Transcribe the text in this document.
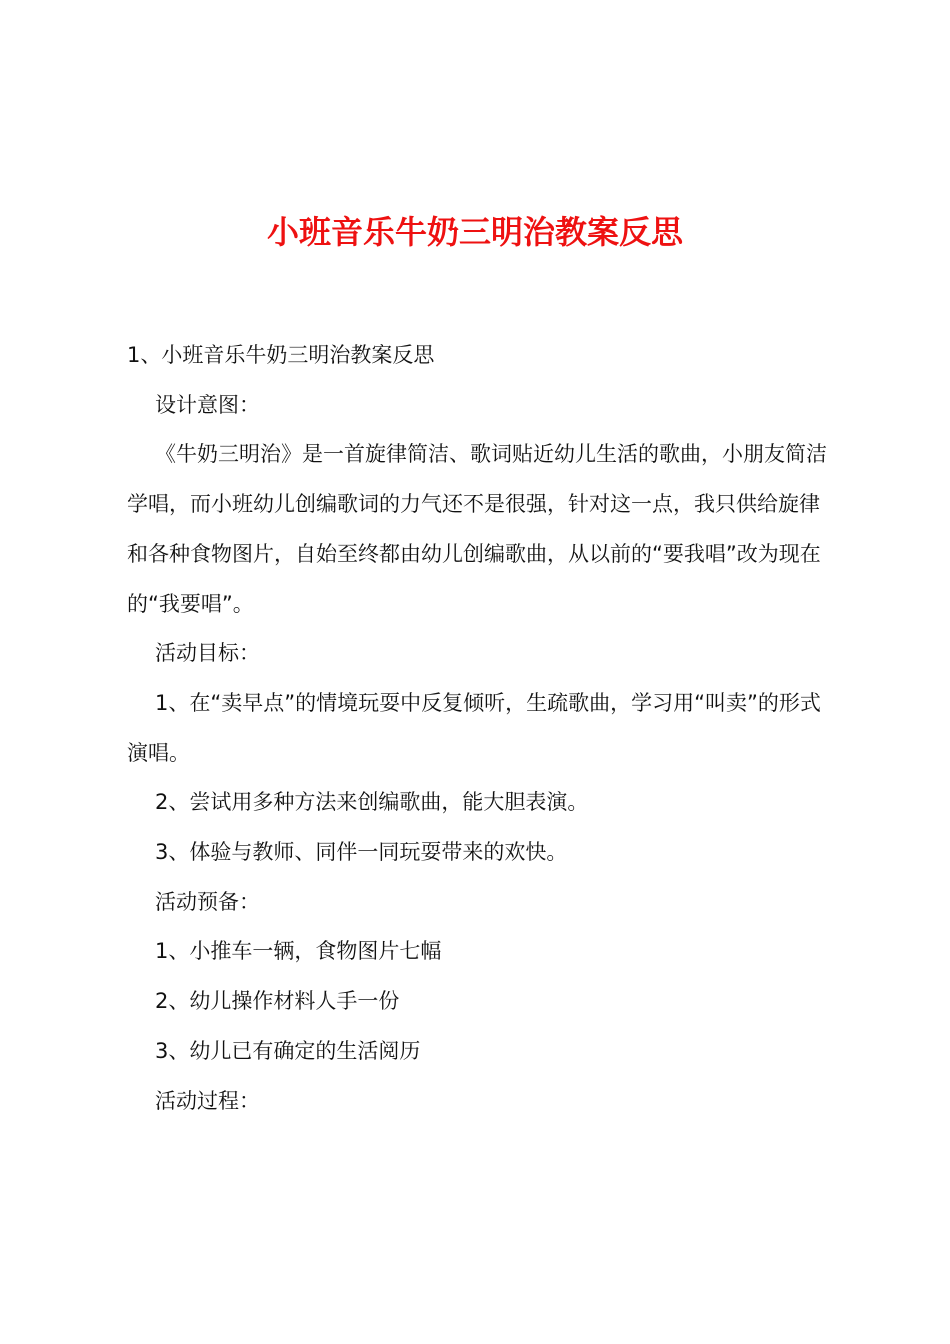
小班音乐牛奶三明治教案反思

1、小班音乐牛奶三明治教案反思

设计意图：

《牛奶三明治》是一首旋律简洁、歌词贴近幼儿生活的歌曲，小朋友简洁学唱，而小班幼儿创编歌词的力气还不是很强，针对这一点，我只供给旋律和各种食物图片，自始至终都由幼儿创编歌曲，从以前的“要我唱”改为现在的“我要唱”。

活动目标：

1、在“卖早点”的情境玩耍中反复倾听，生疏歌曲，学习用“叫卖”的形式演唱。

2、尝试用多种方法来创编歌曲，能大胆表演。

3、体验与教师、同伴一同玩耍带来的欢快。

活动预备：

1、小推车一辆，食物图片七幅

2、幼儿操作材料人手一份

3、幼儿已有确定的生活阅历

活动过程：
